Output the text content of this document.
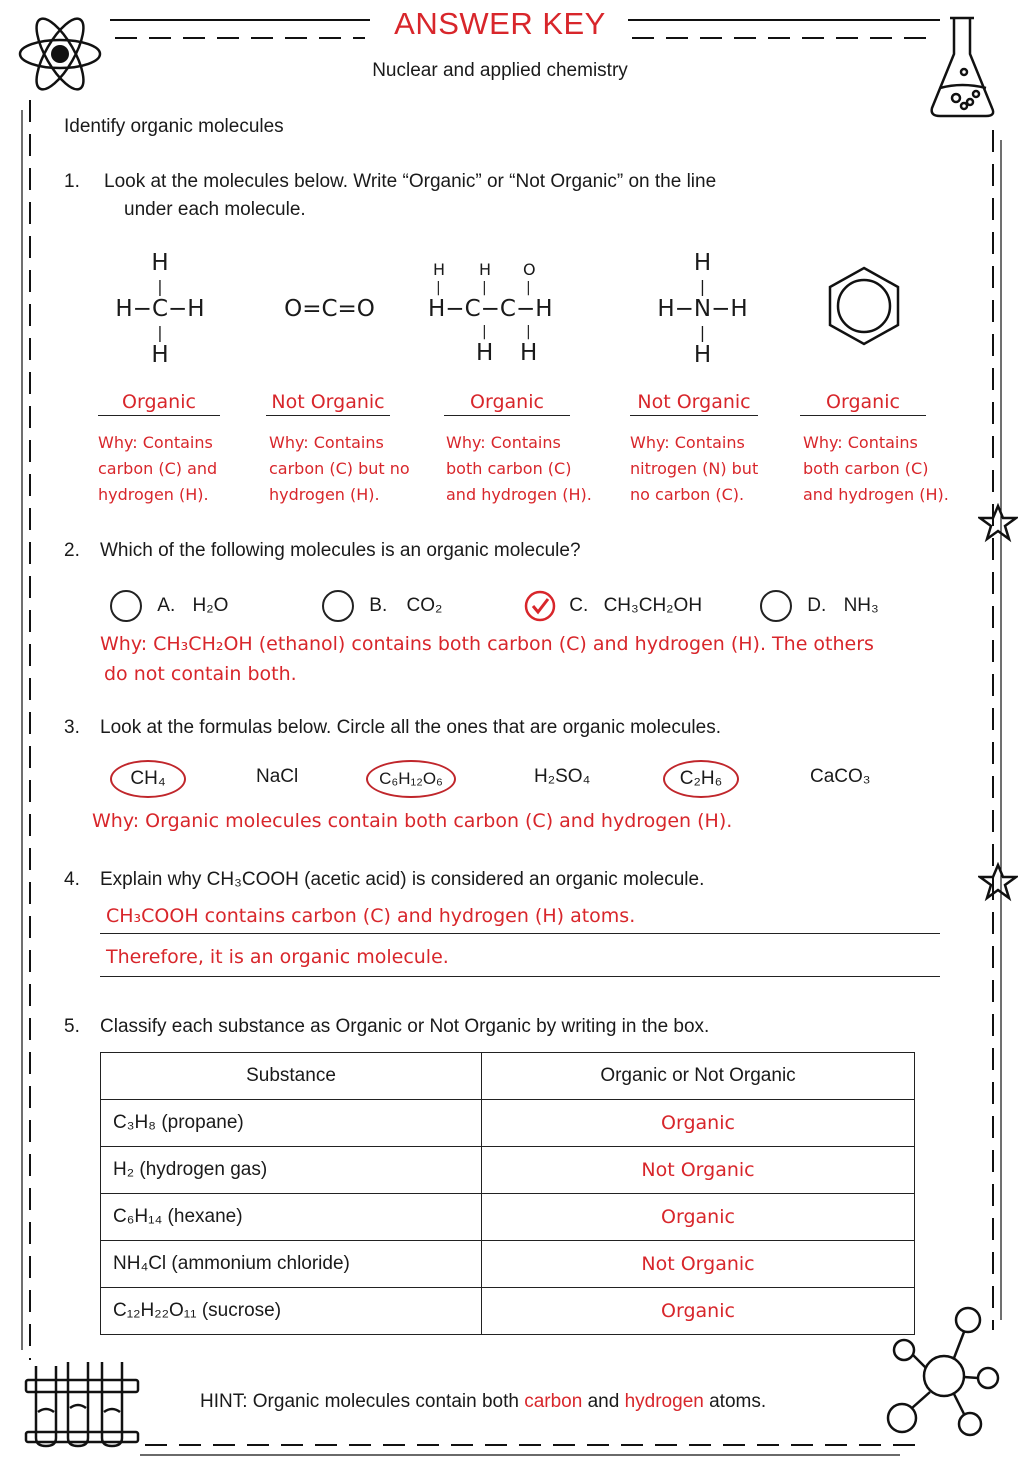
ANSWER KEY
Nuclear and applied chemistry
Identify organic molecules
1. Look at the molecules below. Write “Organic” or “Not Organic” on the line
under each molecule.
H
|
H−C−H
|
H
O=C=O
H H O
|	|	|
H−C−C−H
|	|
H H
H
|
H−N−H
|
H
Organic	Not Organic	Organic	Not Organic	Organic
Why: Contains
carbon (C) and
hydrogen (H).
Why: Contains
carbon (C) but no
hydrogen (H).
Why: Contains
both carbon (C)
and hydrogen (H).
Why: Contains
nitrogen (N) but
no carbon (C).
Why: Contains
both carbon (C)
and hydrogen (H).
2. Which of the following molecules is an organic molecule?
A. H₂O	B. CO₂	C. CH₃CH₂OH	D. NH₃
Why: CH₃CH₂OH (ethanol) contains both carbon (C) and hydrogen (H). The others
do not contain both.
3. Look at the formulas below. Circle all the ones that are organic molecules.
CH₄	NaCl	C₆H₁₂O₆	H₂SO₄	C₂H₆	CaCO₃
Why: Organic molecules contain both carbon (C) and hydrogen (H).
4. Explain why CH₃COOH (acetic acid) is considered an organic molecule.
CH₃COOH contains carbon (C) and hydrogen (H) atoms.
Therefore, it is an organic molecule.
5. Classify each substance as Organic or Not Organic by writing in the box.
Substance	Organic or Not Organic
C₃H₈ (propane)	Organic
H₂ (hydrogen gas)	Not Organic
C₆H₁₄ (hexane)	Organic
NH₄Cl (ammonium chloride)	Not Organic
C₁₂H₂₂O₁₁ (sucrose)	Organic
HINT: Organic molecules contain both carbon and hydrogen atoms.
